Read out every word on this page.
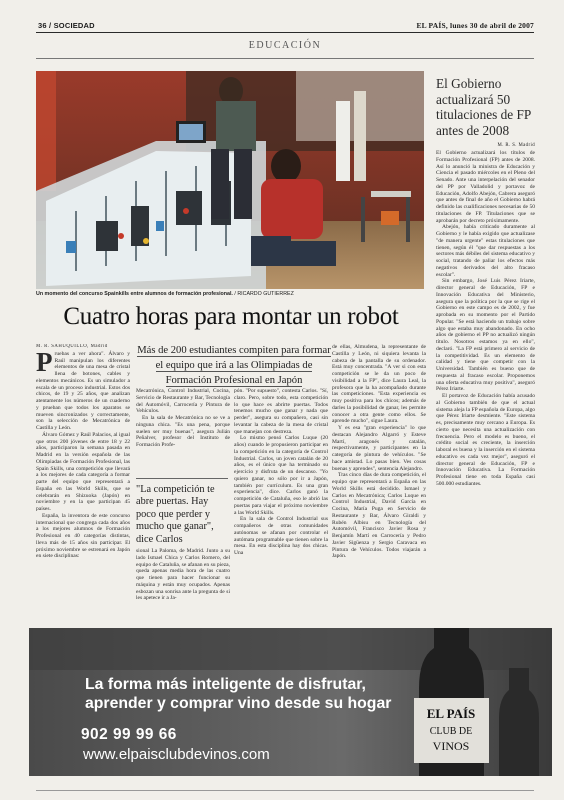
36 / SOCIEDAD	EL PAÍS, lunes 30 de abril de 2007
EDUCACIÓN
Un momento del concurso Spainkills entre alumnos de formación profesional. / RICARDO GUTIÉRREZ
Cuatro horas para montar un robot
Más de 200 estudiantes compiten para formar el equipo que irá a las Olimpiadas de Formación Profesional en Japón

M. R. SAHUQUILLO, Madrid

Pruebas a ver ahora". Álvaro y Raúl manipulan los diferentes elementos de una mesa de cristal llena de botones, cables y elementos mecánicos. Es un simulador a escala de un proceso industrial. Estos dos chicos, de 19 y 25 años, que analizan atentamente los números de un cuaderno y prueban que todos los aparatos se mueven sincronizados y correctamente, son la selección de Mecatrónica de Castilla y León.

Álvaro Gómez y Raúl Palacios, al igual que otros 200 jóvenes de entre 18 y 22 años, participaron la semana pasada en Madrid en la versión española de las Olimpiadas de Formación Profesional, las Spain Skills, una competición que llevará a los mejores de cada categoría a formar parte del equipo que representará a España en las World Skills, que se celebrarán en Shizuoka (Japón) en noviembre y en la que participan 45 países.

España, la inventora de este concurso internacional que congrega cada dos años a los mejores alumnos de Formación Profesional en 40 categorías distintas, lleva más de 15 años sin participar. El próximo noviembre se estrenará en Japón en siete disciplinas:

Mecatrónica, Control Industrial, Cocina, Servicio de Restaurante y Bar, Tecnología del Automóvil, Carrocería y Pintura de Vehículos.

En la sala de Mecatrónica no se ve a ninguna chica. "Es una pena, porque suelen ser muy buenas", asegura Julián Peñalver, profesor del Instituto de Formación Profe-

"La competición te abre puertas. Hay poco que perder y mucho que ganar", dice Carlos

sional La Paloma, de Madrid. Junto a su lado Ismael Chica y Carlos Romero, del equipo de Cataluña, se afanan en su pieza, queda apenas media hora de las cuatro que tienen para hacer funcionar su máquina y están muy ocupados. Apenas esbozan una sonrisa ante la pregunta de si les apetece ir a Ja-

pón. "Por supuesto", contesta Carlos. "Sí, claro. Pero, sobre todo, esta competición lo que hace es abrirte puertas. Todos tenemos mucho que ganar y nada que perder", asegura su compañero, casi sin levantar la cabeza de la mesa de cristal que manejan con destreza.

Lo mismo pensó Carlos Luque (20 años) cuando le propusieron participar en la competición en la categoría de Control Industrial. Carlos, un joven catalán de 20 años, es el único que ha terminado su ejercicio y disfruta de un descanso. "Yo quiero ganar, no sólo por ir a Japón, también por currículum. Es una gran experiencia", dice. Carlos ganó la competición de Cataluña, eso le abrió las puertas para viajar el próximo noviembre a las World Skills.

En la sala de Control Industrial sus compañeros de otras comunidades autónomas se afanan por controlar el autómata programable que tienen sobre la mesa. En esta disciplina hay dos chicas. Una

de ellas, Almudena, la representante de Castilla y León, ni siquiera levanta la cabeza de la pantalla de su ordenador. Está muy concentrada. "A ver si con esta competición se le da un poco de visibilidad a la FP", dice Laura Leal, la profesora que la ha acompañado durante las competiciones. "Esta experiencia es muy positiva para los chicos; además de darles la posibilidad de ganar, les permite conocer a otra gente como ellos. Se aprende mucho", sigue Laura.

Y es esa "gran experiencia" lo que destacan Alejandro Algarró y Esteve Martí, aragonés y catalán, respectivamente, y participantes en la categoría de pintura de vehículos. "Se hace amistad. Lo pasas bien. Ves cosas buenas y aprendes", sentencia Alejandro.

Tras cinco días de dura competición, el equipo que representará a España en las World Skills está decidido. Ismael y Carlos en Mecatrónica; Carlos Luque en Control Industrial, David García en Cocina, María Puga en Servicio de Restaurante y Bar, Álvaro Giraldi y Rubén Albisu en Tecnología del Automóvil, Francisco Javier Rosa y Benjamín Martí en Carrocería y Pedro Javier Sigüenza y Sergio Caravaca en Pintura de Vehículos. Todos viajarán a Japón.

El Gobierno actualizará 50 titulaciones de FP antes de 2008
M. R. S. Madrid

El Gobierno actualizará los títulos de Formación Profesional (FP) antes de 2008. Así lo anunció la ministra de Educación y Ciencia el pasado miércoles en el Pleno del Senado. Ante una interpelación del senador del PP por Valladolid y portavoz de Educación, Adolfo Abejón, Cabrera aseguró que antes de final de año el Gobierno habrá definido las cualificaciones necesarias de 50 titulaciones de FP. Titulaciones que se aprobarán por decreto próximamente.

Abejón, había criticado duramente al Gobierno y le había exigido que actualizase "de manera urgente" estas titulaciones que tienen, según él "que dar respuestas a los sectores más débiles del sistema educativo y social, tratando de paliar los efectos más negativos derivados del alto fracaso escolar".

Sin embargo, José Luis Pérez Iriarte, director general de Educación, FP e Innovación Educativa del Ministerio, asegura que la política por la que se rige el Gobierno en este campo es de 2002, y fue aprobada en su momento por el Partido Popular. "Se está haciendo un trabajo sobre algo que estaba muy abandonado. En ocho años de gobierno el PP no actualizó ningún título. Nosotros estamos ya en ello", declaró. "La FP está primero al servicio de la competitividad. Es un elemento de calidad y tiene que competir con la Universidad. También es bueno que de respuesta al fracaso escolar. Proponemos una oferta educativa muy positiva", aseguró Pérez Iriarte.

El portavoz de Educación había acusado al Gobierno también de que el actual sistema aleja la FP española de Europa, algo que Pérez Iriarte desmiente. "Este sistema es, precisamente muy cercano a Europa. Es cierto que necesita una actualización con frecuencia. Pero el modelo es bueno, el crédito social es creciente, la inserción laboral es buena y la inserción en el sistema educativo es cada vez mejor", aseguró el director general de Educación, FP e Innovación Educativa. La Formación Profesional tiene en toda España casi 500.000 estudiantes.

EL PAÍS
CLUB DE
VINOS
La forma más inteligente de disfrutar,
aprender y comprar vino desde su hogar
902 99 99 66
www.elpaisclubdevinos.com
